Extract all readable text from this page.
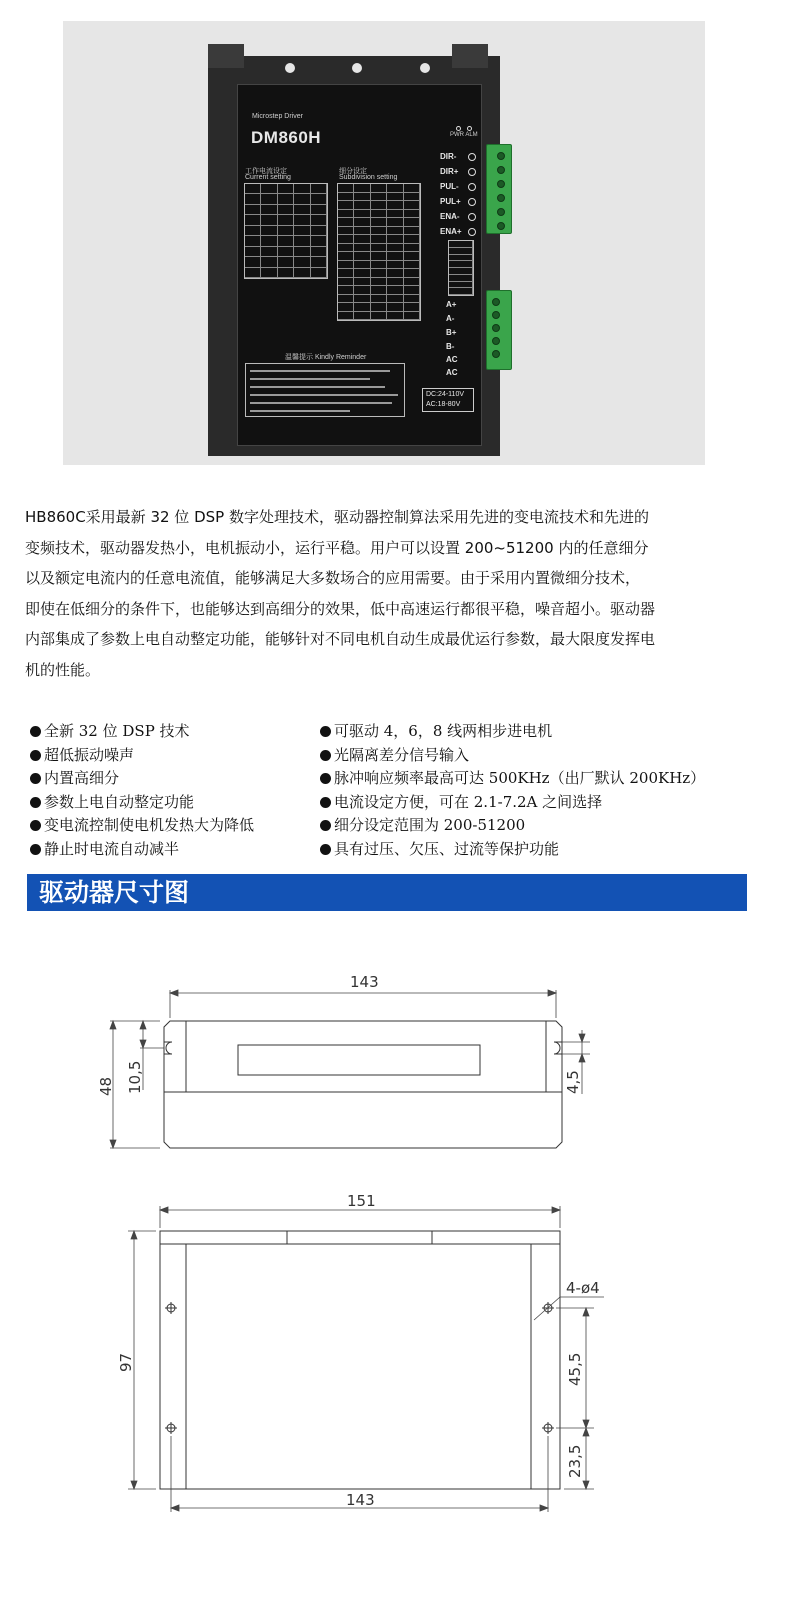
Microstep Driver
DM860H
工作电流设定
Current setting
细分设定
Subdivision setting
温馨提示 Kindly Reminder
PWR ALM
DIR-
DIR+
PUL-
PUL+
ENA-
ENA+
A+
A-
B+
B-
AC
AC
DC:24-110V
AC:18-80V
HB860C采用最新 32 位 DSP 数字处理技术，驱动器控制算法采用先进的变电流技术和先进的
变频技术，驱动器发热小，电机振动小，运行平稳。用户可以设置 200~51200 内的任意细分
以及额定电流内的任意电流值，能够满足大多数场合的应用需要。由于采用内置微细分技术，
即使在低细分的条件下，也能够达到高细分的效果，低中高速运行都很平稳，噪音超小。驱动器
内部集成了参数上电自动整定功能，能够针对不同电机自动生成最优运行参数，最大限度发挥电
机的性能。
全新 32 位 DSP 技术
超低振动噪声
内置高细分
参数上电自动整定功能
变电流控制使电机发热大为降低
静止时电流自动减半
可驱动 4，6，8 线两相步进电机
光隔离差分信号输入
脉冲响应频率最高可达 500KHz（出厂默认 200KHz）
电流设定方便，可在 2.1-7.2A 之间选择
细分设定范围为 200-51200
具有过压、欠压、过流等保护功能
驱动器尺寸图
143
48 10,5	4,5
151
97
4-ø4
45,5
23,5
143
